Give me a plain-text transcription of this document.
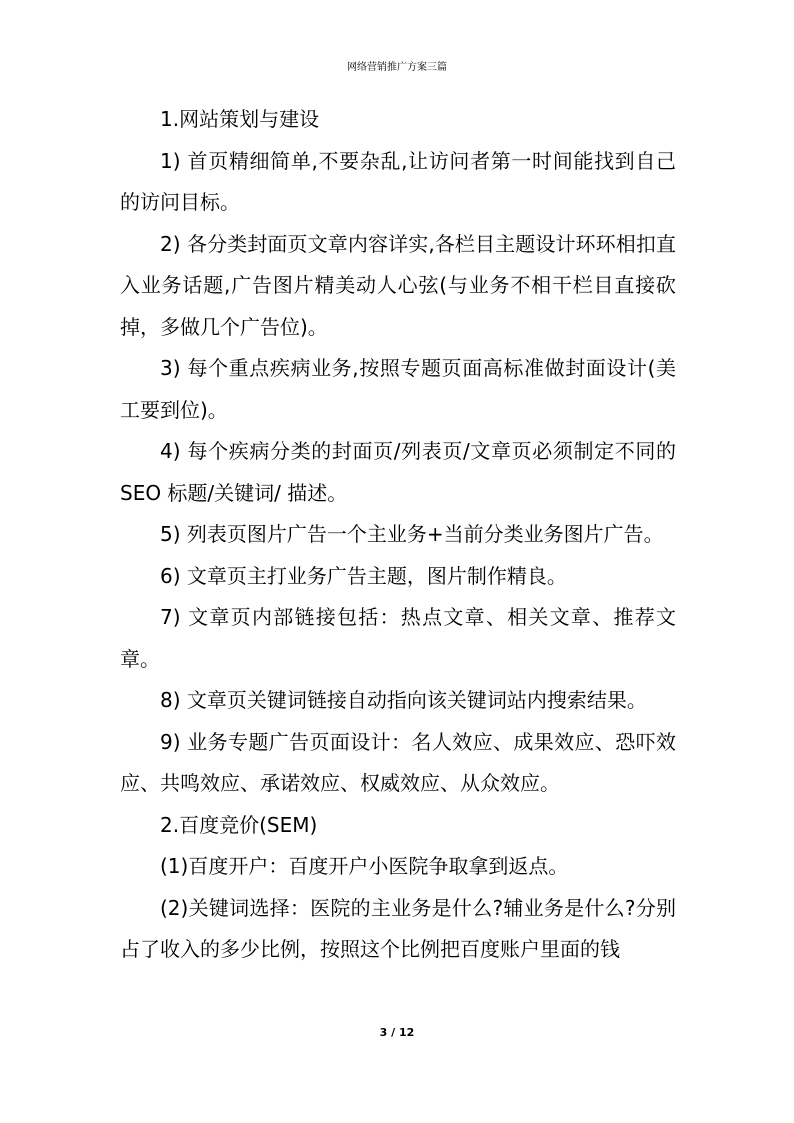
网络营销推广方案三篇

1.网站策划与建设

1) 首页精细简单,不要杂乱,让访问者第一时间能找到自己的访问目标。

2) 各分类封面页文章内容详实,各栏目主题设计环环相扣直入业务话题,广告图片精美动人心弦(与业务不相干栏目直接砍掉，多做几个广告位)。

3) 每个重点疾病业务,按照专题页面高标准做封面设计(美工要到位)。

4) 每个疾病分类的封面页/列表页/文章页必须制定不同的 SEO 标题/关键词/ 描述。

5) 列表页图片广告一个主业务+当前分类业务图片广告。

6) 文章页主打业务广告主题，图片制作精良。

7) 文章页内部链接包括：热点文章、相关文章、推荐文章。

8) 文章页关键词链接自动指向该关键词站内搜索结果。

9) 业务专题广告页面设计：名人效应、成果效应、恐吓效应、共鸣效应、承诺效应、权威效应、从众效应。

2.百度竞价(SEM)

(1)百度开户：百度开户小医院争取拿到返点。

(2)关键词选择：医院的主业务是什么?辅业务是什么?分别占了收入的多少比例，按照这个比例把百度账户里面的钱

3 / 12
